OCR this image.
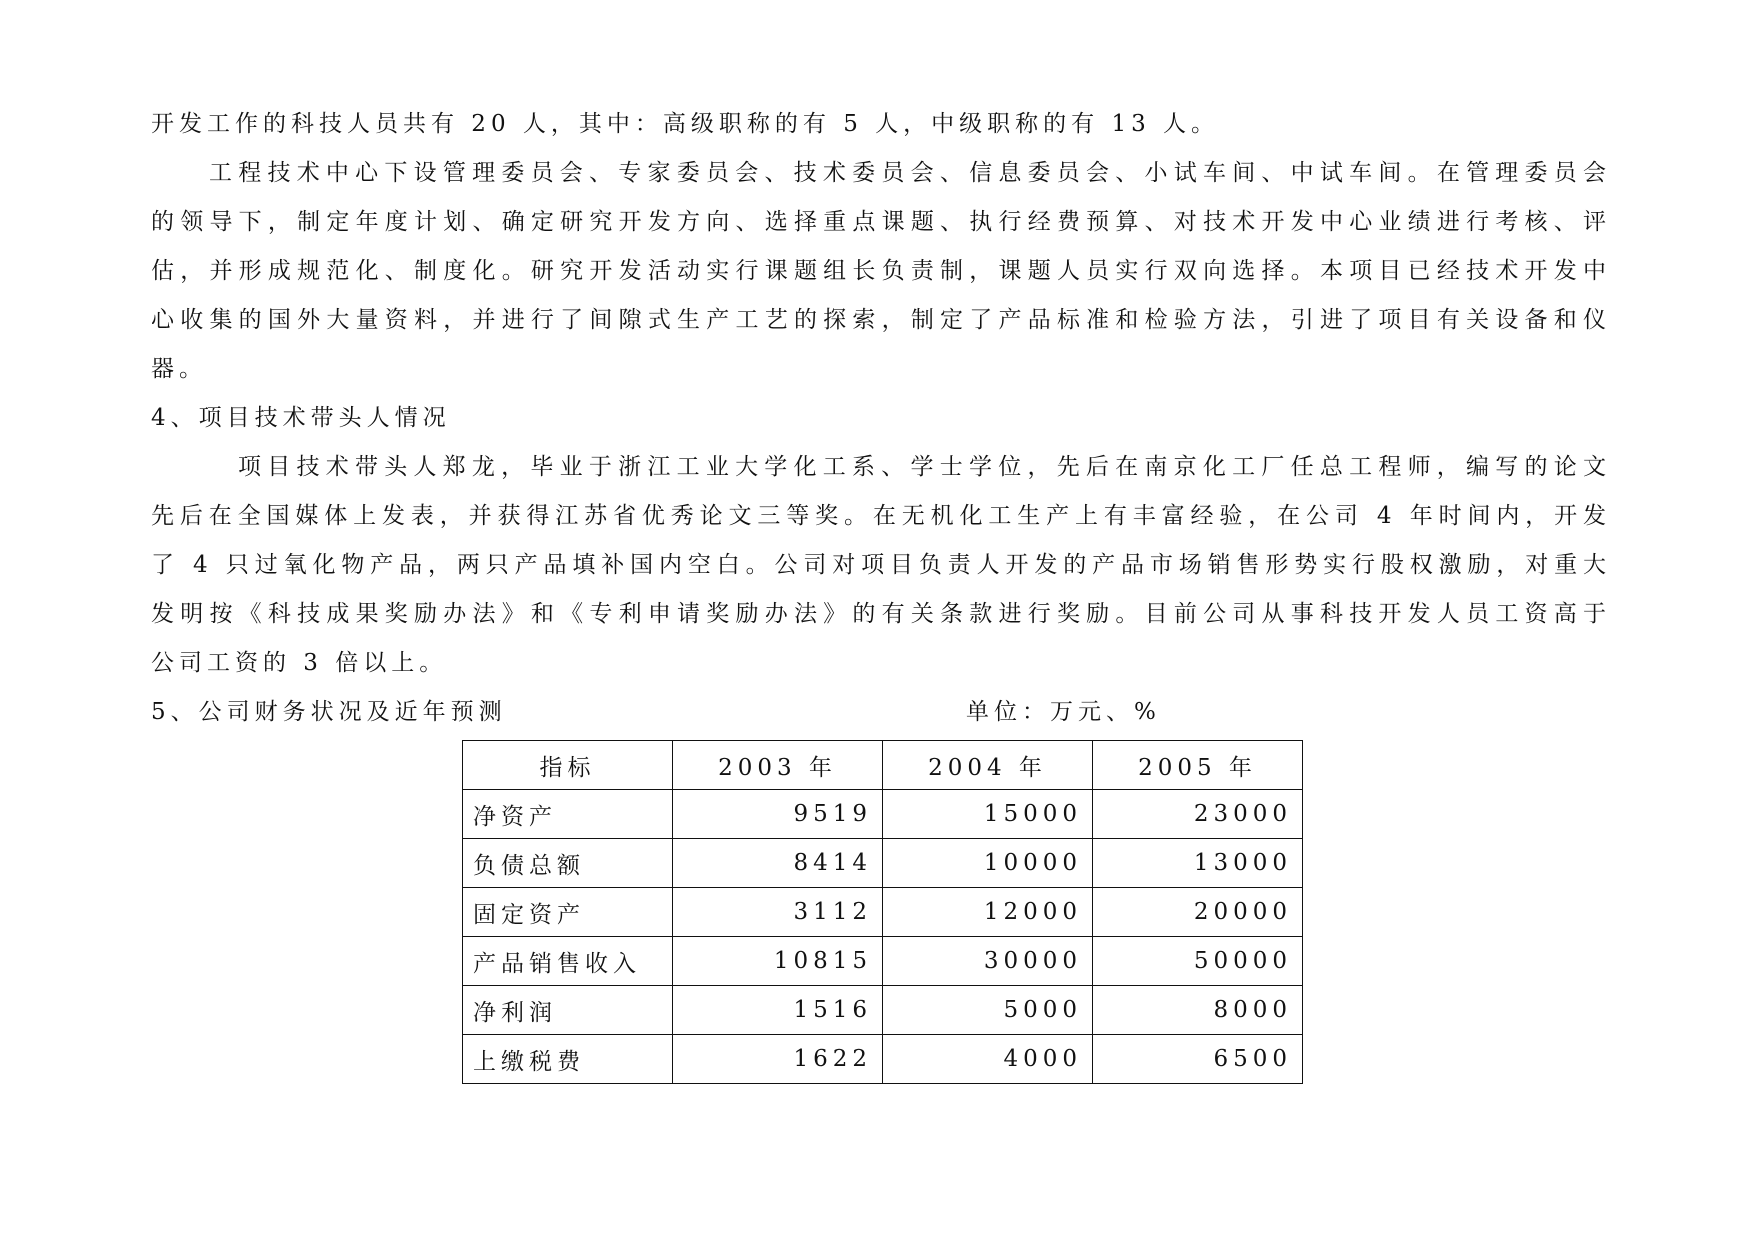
开发工作的科技人员共有 20 人，其中：高级职称的有 5 人，中级职称的有 13 人。
工程技术中心下设管理委员会、专家委员会、技术委员会、信息委员会、小试车间、中试车间。在管理委员会
的领导下，制定年度计划、确定研究开发方向、选择重点课题、执行经费预算、对技术开发中心业绩进行考核、评
估，并形成规范化、制度化。研究开发活动实行课题组长负责制，课题人员实行双向选择。本项目已经技术开发中
心收集的国外大量资料，并进行了间隙式生产工艺的探索，制定了产品标准和检验方法，引进了项目有关设备和仪
器。
4、项目技术带头人情况
项目技术带头人郑龙，毕业于浙江工业大学化工系、学士学位，先后在南京化工厂任总工程师，编写的论文
先后在全国媒体上发表，并获得江苏省优秀论文三等奖。在无机化工生产上有丰富经验，在公司 4 年时间内，开发
了 4 只过氧化物产品，两只产品填补国内空白。公司对项目负责人开发的产品市场销售形势实行股权激励，对重大
发明按《科技成果奖励办法》和《专利申请奖励办法》的有关条款进行奖励。目前公司从事科技开发人员工资高于
公司工资的 3 倍以上。
5、公司财务状况及近年预测	单位：万元、%
指标	2003 年	2004 年	2005 年
净资产	9519	15000	23000
负债总额	8414	10000	13000
固定资产	3112	12000	20000
产品销售收入	10815	30000	50000
净利润	1516	5000	8000
上缴税费	1622	4000	6500
